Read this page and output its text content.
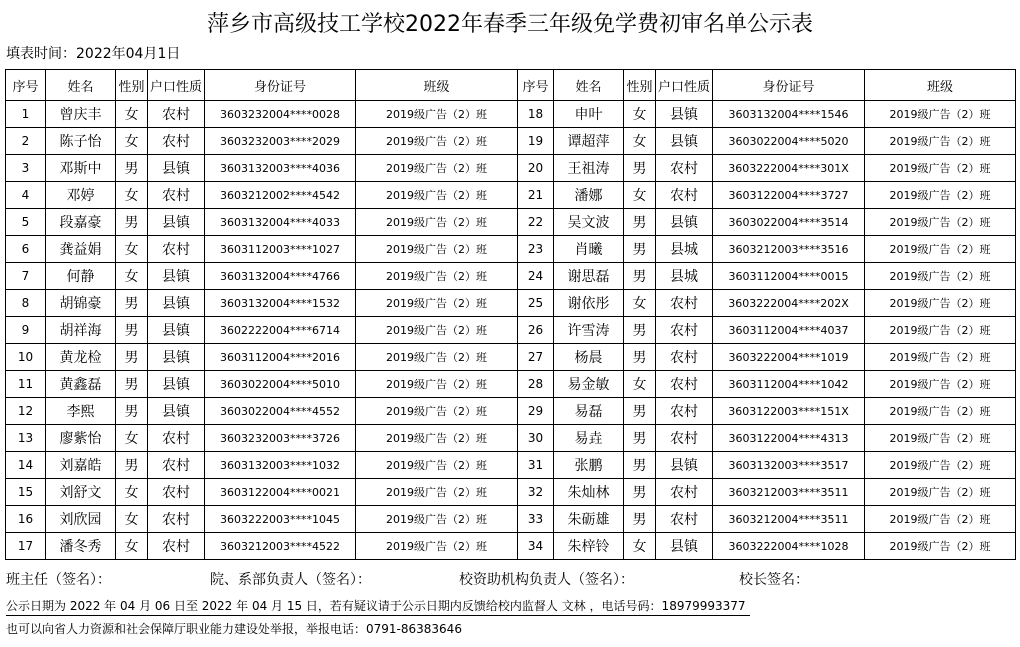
萍乡市高级技工学校2022年春季三年级免学费初审名单公示表
填表时间：2022年04月1日
序号	姓名	性别	户口性质	身份证号	班级	序号	姓名	性别	户口性质	身份证号	班级
1	曾庆丰	女	农村	3603232004****0028	2019级广告（2）班	18	申叶	女	县镇	3603132004****1546	2019级广告（2）班
2	陈子怡	女	农村	3603232003****2029	2019级广告（2）班	19	谭超萍	女	县镇	3603022004****5020	2019级广告（2）班
3	邓斯中	男	县镇	3603132003****4036	2019级广告（2）班	20	王祖涛	男	农村	3603222004****301X	2019级广告（2）班
4	邓婷	女	农村	3603212002****4542	2019级广告（2）班	21	潘娜	女	农村	3603122004****3727	2019级广告（2）班
5	段嘉豪	男	县镇	3603132004****4033	2019级广告（2）班	22	吴文波	男	县镇	3603022004****3514	2019级广告（2）班
6	龚益娟	女	农村	3603112003****1027	2019级广告（2）班	23	肖曦	男	县城	3603212003****3516	2019级广告（2）班
7	何静	女	县镇	3603132004****4766	2019级广告（2）班	24	谢思磊	男	县城	3603112004****0015	2019级广告（2）班
8	胡锦豪	男	县镇	3603132004****1532	2019级广告（2）班	25	谢依彤	女	农村	3603222004****202X	2019级广告（2）班
9	胡祥海	男	县镇	3602222004****6714	2019级广告（2）班	26	许雪涛	男	农村	3603112004****4037	2019级广告（2）班
10	黄龙检	男	县镇	3603112004****2016	2019级广告（2）班	27	杨晨	男	农村	3603222004****1019	2019级广告（2）班
11	黄鑫磊	男	县镇	3603022004****5010	2019级广告（2）班	28	易金敏	女	农村	3603112004****1042	2019级广告（2）班
12	李熙	男	县镇	3603022004****4552	2019级广告（2）班	29	易磊	男	农村	3603122003****151X	2019级广告（2）班
13	廖紫怡	女	农村	3603232003****3726	2019级广告（2）班	30	易垚	男	农村	3603122004****4313	2019级广告（2）班
14	刘嘉皓	男	农村	3603132003****1032	2019级广告（2）班	31	张鹏	男	县镇	3603132003****3517	2019级广告（2）班
15	刘舒文	女	农村	3603122004****0021	2019级广告（2）班	32	朱灿林	男	农村	3603212003****3511	2019级广告（2）班
16	刘欣园	女	农村	3603222003****1045	2019级广告（2）班	33	朱砺雄	男	农村	3603212004****3511	2019级广告（2）班
17	潘冬秀	女	农村	3603212003****4522	2019级广告（2）班	34	朱梓铃	女	县镇	3603222004****1028	2019级广告（2）班
班主任（签名）：	院、系部负责人（签名）：	校资助机构负责人（签名）：	校长签名：
公示日期为 2022 年 04 月 06 日至 2022 年 04 月 15 日，若有疑议请于公示日期内反馈给校内监督人 文林 ，电话号码：18979993377
也可以向省人力资源和社会保障厅职业能力建设处举报，举报电话：0791-86383646
